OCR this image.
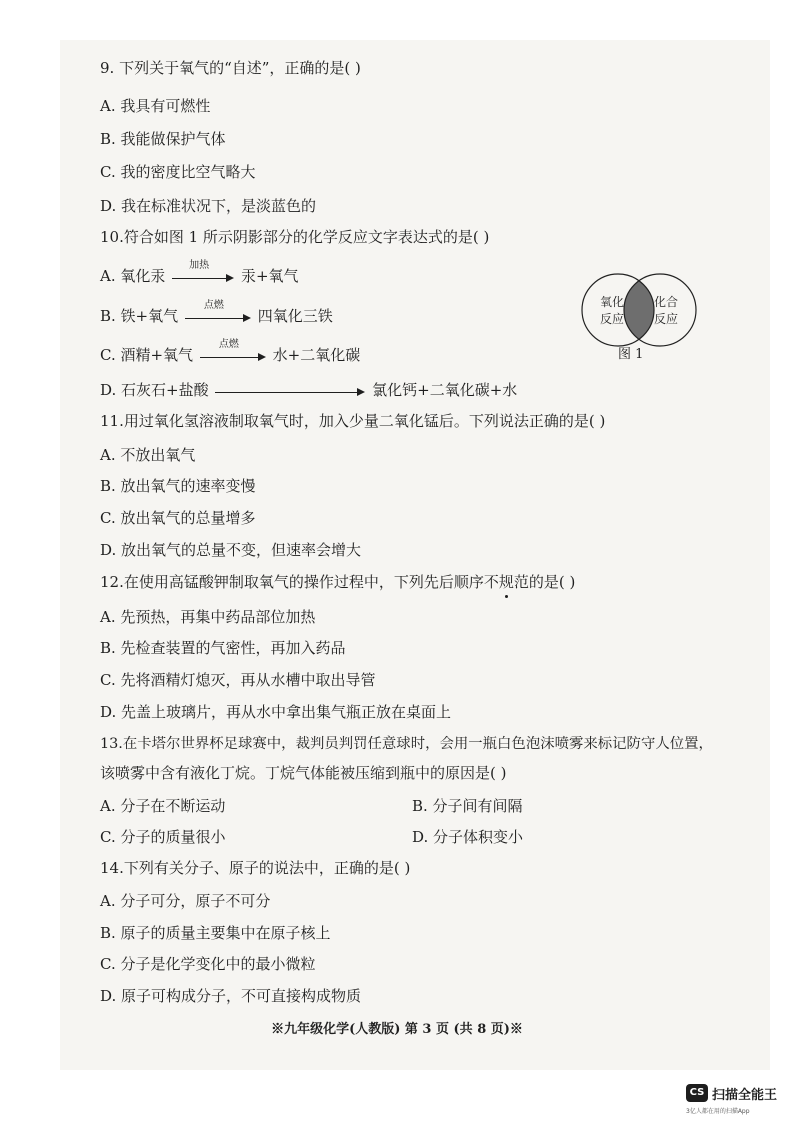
9. 下列关于氧气的“自述”，正确的是( )
A. 我具有可燃性
B. 我能做保护气体
C. 我的密度比空气略大
D. 我在标准状况下，是淡蓝色的
10.符合如图 1 所示阴影部分的化学反应文字表达式的是( )
A. 氧化汞
加热
汞+氧气
B. 铁+氧气
点燃
四氧化三铁
C. 酒精+氧气
点燃
水+二氧化碳
D. 石灰石+盐酸	氯化钙+二氧化碳+水
氧化
反应
化合
反应
图 1
11.用过氧化氢溶液制取氧气时，加入少量二氧化锰后。下列说法正确的是( )
A. 不放出氧气
B. 放出氧气的速率变慢
C. 放出氧气的总量增多
D. 放出氧气的总量不变，但速率会增大
12.在使用高锰酸钾制取氧气的操作过程中，下列先后顺序不规范的是( )
A. 先预热，再集中药品部位加热
B. 先检查装置的气密性，再加入药品
C. 先将酒精灯熄灭，再从水槽中取出导管
D. 先盖上玻璃片，再从水中拿出集气瓶正放在桌面上
13.在卡塔尔世界杯足球赛中，裁判员判罚任意球时，会用一瓶白色泡沫喷雾来标记防守人位置，
该喷雾中含有液化丁烷。丁烷气体能被压缩到瓶中的原因是( )
A. 分子在不断运动	B. 分子间有间隔
C. 分子的质量很小	D. 分子体积变小
14.下列有关分子、原子的说法中，正确的是( )
A. 分子可分，原子不可分
B. 原子的质量主要集中在原子核上
C. 分子是化学变化中的最小微粒
D. 原子可构成分子，不可直接构成物质
※九年级化学(人教版) 第 3 页 (共 8 页)※
CS 扫描全能王
3亿人都在用的扫描App
